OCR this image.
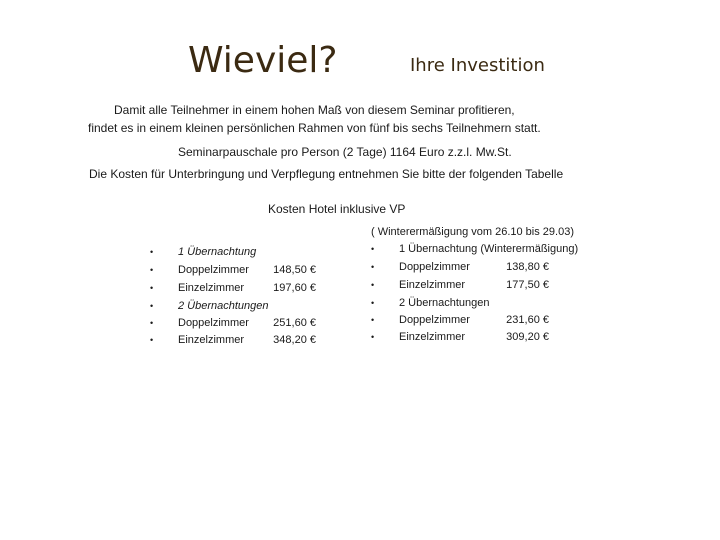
Wieviel?	Ihre Investition
Damit alle Teilnehmer in einem hohen Maß von diesem Seminar profitieren,
findet es in einem kleinen persönlichen Rahmen von fünf bis sechs Teilnehmern statt.
Seminarpauschale pro Person (2 Tage) 1164 Euro z.z.l. Mw.St.
Die Kosten für Unterbringung und Verpflegung entnehmen Sie bitte der folgenden Tabelle
Kosten Hotel inklusive VP
• 1 Übernachtung
• Doppelzimmer	148,50 €
• Einzelzimmer	197,60 €
• 2 Übernachtungen
• Doppelzimmer	251,60 €
• Einzelzimmer	348,20 €
( Winterermäßigung vom 26.10 bis 29.03)
• 1 Übernachtung (Winterermäßigung)
• Doppelzimmer	138,80 €
• Einzelzimmer	177,50 €
• 2 Übernachtungen
• Doppelzimmer	231,60 €
• Einzelzimmer	309,20 €
